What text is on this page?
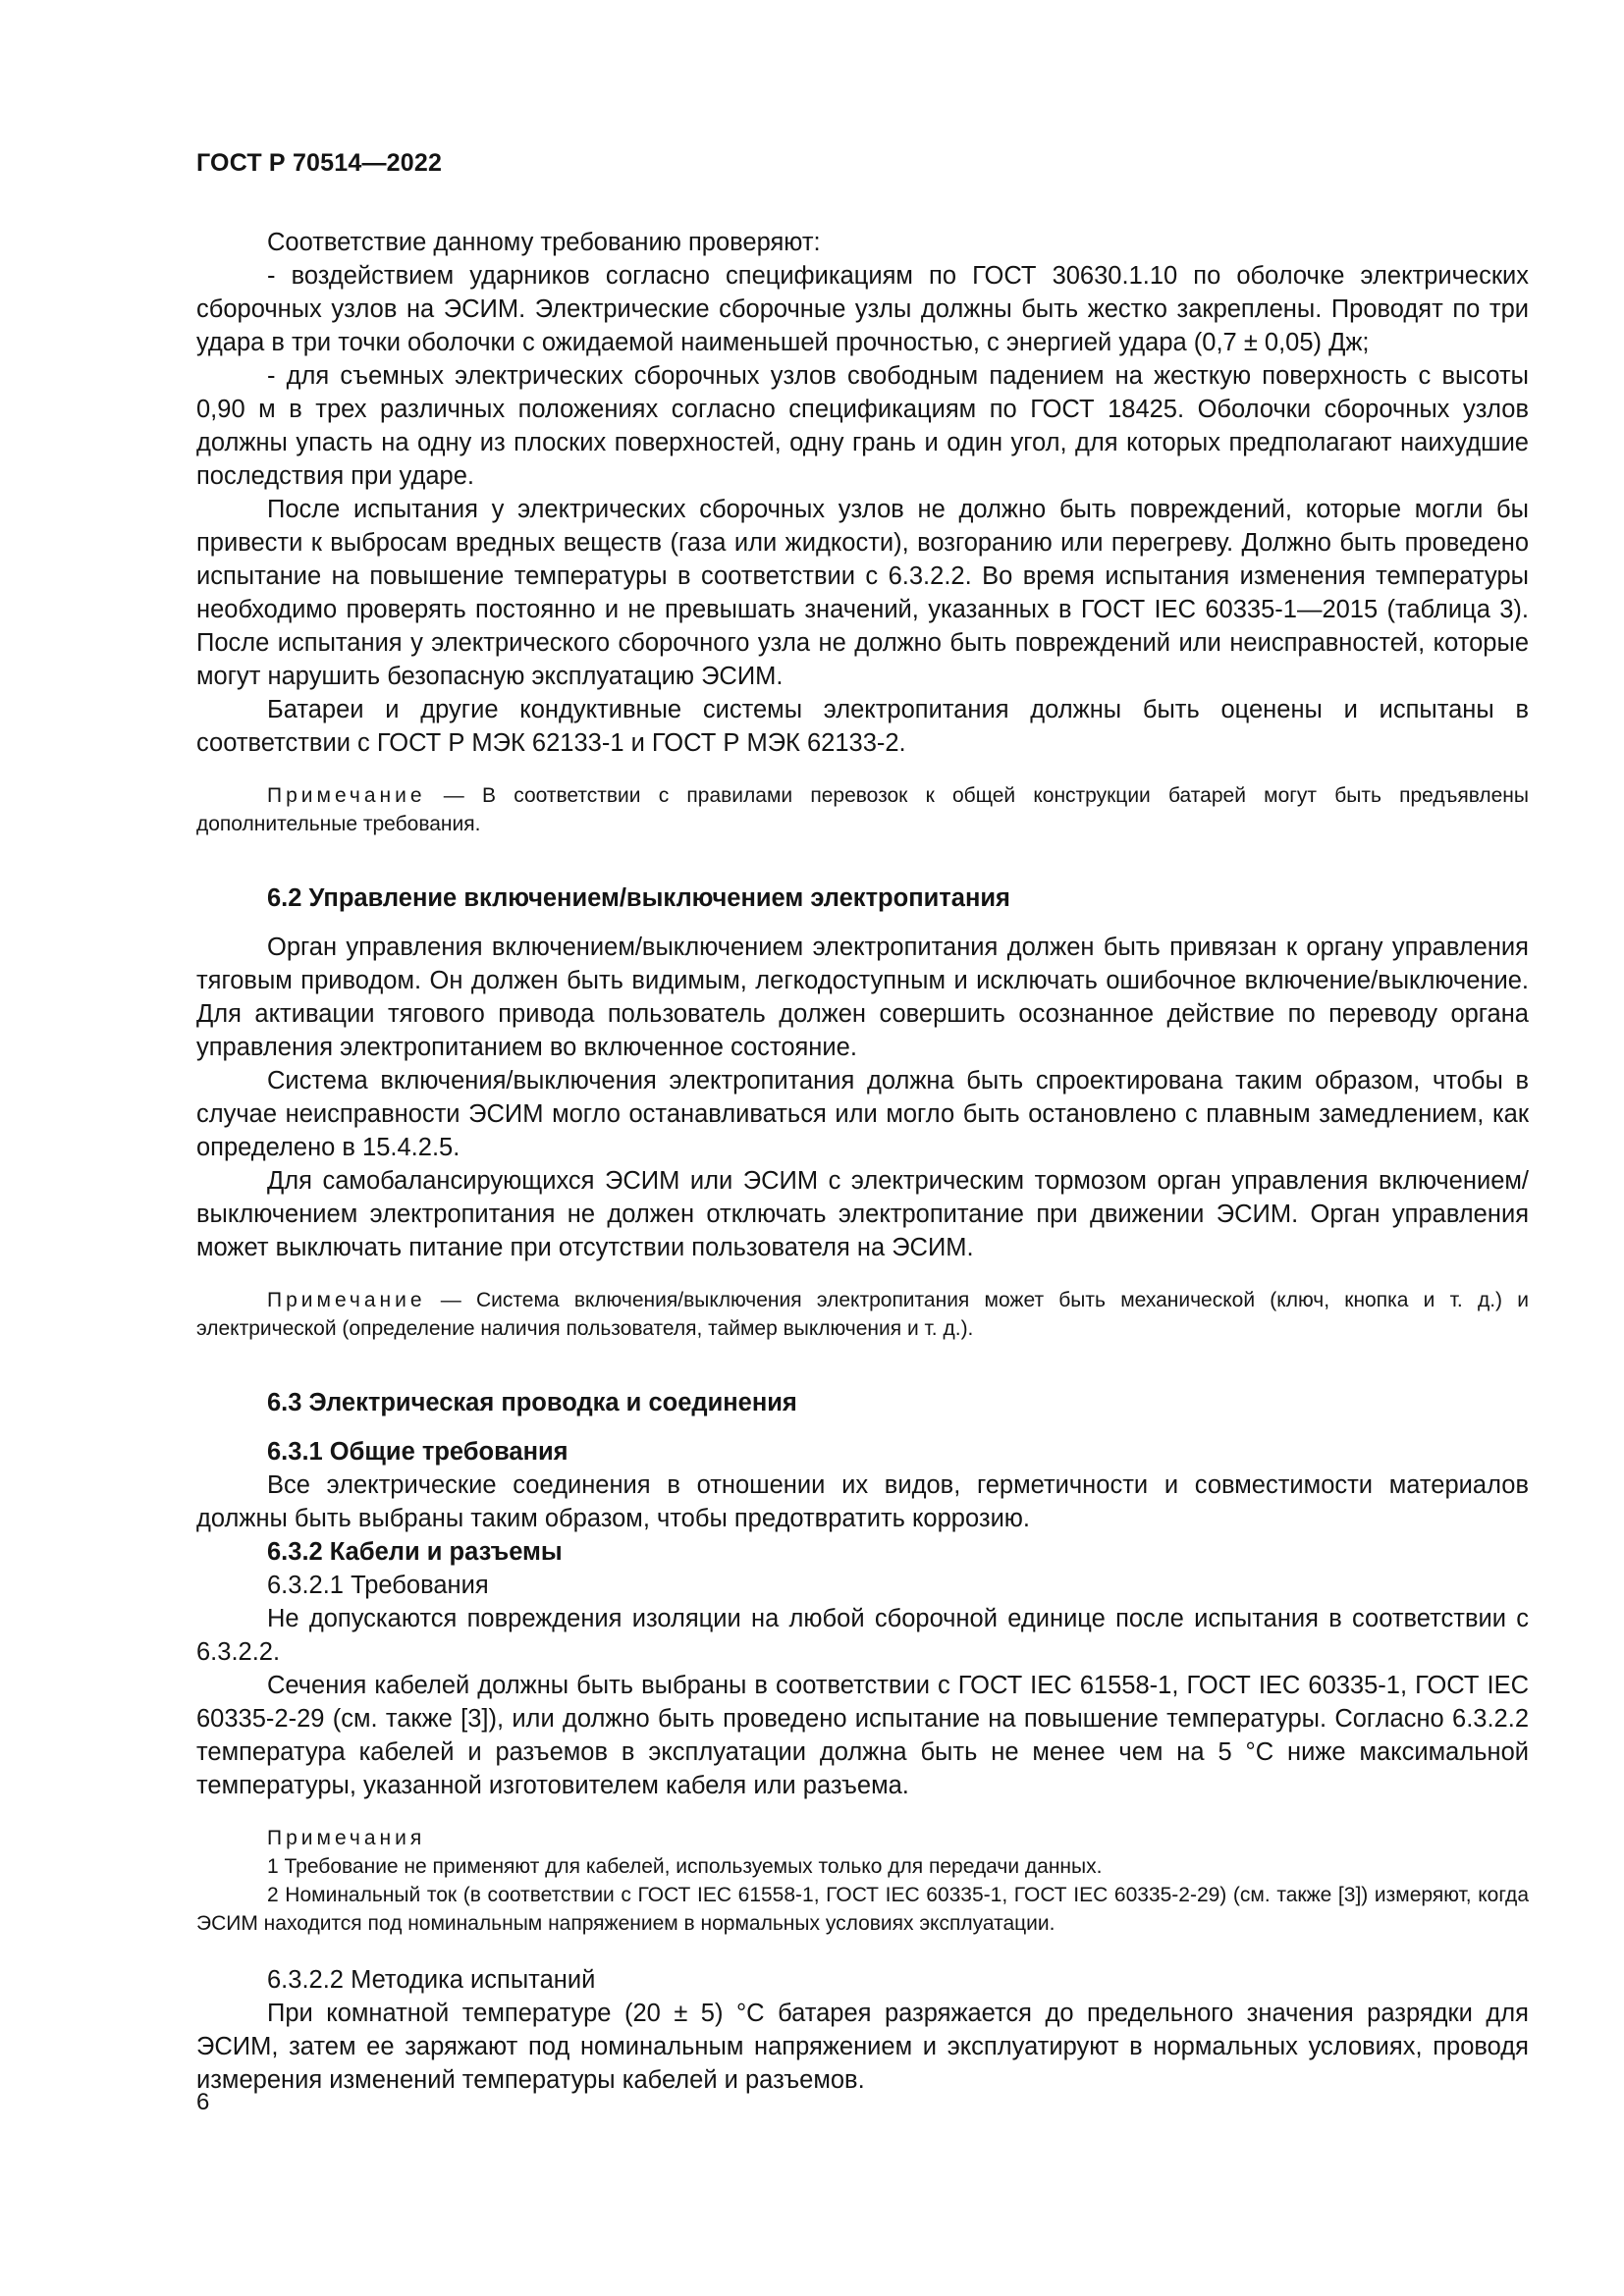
ГОСТ Р 70514—2022

Соответствие данному требованию проверяют:

- воздействием ударников согласно спецификациям по ГОСТ 30630.1.10 по оболочке электрических сборочных узлов на ЭСИМ. Электрические сборочные узлы должны быть жестко закреплены. Проводят по три удара в три точки оболочки с ожидаемой наименьшей прочностью, с энергией удара (0,7 ± 0,05) Дж;

- для съемных электрических сборочных узлов свободным падением на жесткую поверхность с высоты 0,90 м в трех различных положениях согласно спецификациям по ГОСТ 18425. Оболочки сборочных узлов должны упасть на одну из плоских поверхностей, одну грань и один угол, для которых предполагают наихудшие последствия при ударе.

После испытания у электрических сборочных узлов не должно быть повреждений, которые могли бы привести к выбросам вредных веществ (газа или жидкости), возгоранию или перегреву. Должно быть проведено испытание на повышение температуры в соответствии с 6.3.2.2. Во время испытания изменения температуры необходимо проверять постоянно и не превышать значений, указанных в ГОСТ IEC 60335-1—2015 (таблица 3). После испытания у электрического сборочного узла не должно быть повреждений или неисправностей, которые могут нарушить безопасную эксплуатацию ЭСИМ.

Батареи и другие кондуктивные системы электропитания должны быть оценены и испытаны в соответствии с ГОСТ Р МЭК 62133-1 и ГОСТ Р МЭК 62133-2.

Примечание — В соответствии с правилами перевозок к общей конструкции батарей могут быть предъявлены дополнительные требования.
6.2 Управление включением/выключением электропитания

Орган управления включением/выключением электропитания должен быть привязан к органу управления тяговым приводом. Он должен быть видимым, легкодоступным и исключать ошибочное включение/выключение. Для активации тягового привода пользователь должен совершить осознанное действие по переводу органа управления электропитанием во включенное состояние.

Система включения/выключения электропитания должна быть спроектирована таким образом, чтобы в случае неисправности ЭСИМ могло останавливаться или могло быть остановлено с плавным замедлением, как определено в 15.4.2.5.

Для самобалансирующихся ЭСИМ или ЭСИМ с электрическим тормозом орган управления включением/выключением электропитания не должен отключать электропитание при движении ЭСИМ. Орган управления может выключать питание при отсутствии пользователя на ЭСИМ.

Примечание — Система включения/выключения электропитания может быть механической (ключ, кнопка и т. д.) и электрической (определение наличия пользователя, таймер выключения и т. д.).
6.3 Электрическая проводка и соединения
6.3.1 Общие требования

Все электрические соединения в отношении их видов, герметичности и совместимости материалов должны быть выбраны таким образом, чтобы предотвратить коррозию.

6.3.2 Кабели и разъемы
6.3.2.1 Требования

Не допускаются повреждения изоляции на любой сборочной единице после испытания в соответствии с 6.3.2.2.

Сечения кабелей должны быть выбраны в соответствии с ГОСТ IEC 61558-1, ГОСТ IEC 60335-1, ГОСТ IEC 60335-2-29 (см. также [3]), или должно быть проведено испытание на повышение температуры. Согласно 6.3.2.2 температура кабелей и разъемов в эксплуатации должна быть не менее чем на 5 °С ниже максимальной температуры, указанной изготовителем кабеля или разъема.

Примечания
1 Требование не применяют для кабелей, используемых только для передачи данных.
2 Номинальный ток (в соответствии с ГОСТ IEC 61558-1, ГОСТ IEC 60335-1, ГОСТ IEC 60335-2-29) (см. также [3]) измеряют, когда ЭСИМ находится под номинальным напряжением в нормальных условиях эксплуатации.
6.3.2.2 Методика испытаний

При комнатной температуре (20 ± 5) °С батарея разряжается до предельного значения разрядки для ЭСИМ, затем ее заряжают под номинальным напряжением и эксплуатируют в нормальных условиях, проводя измерения изменений температуры кабелей и разъемов.

6
